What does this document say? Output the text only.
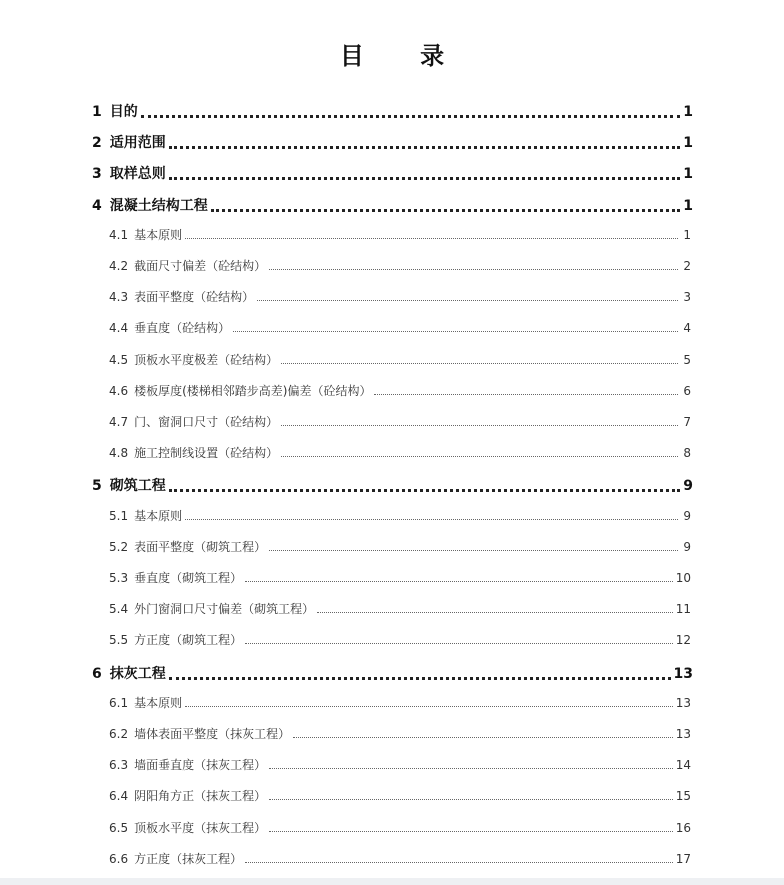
目 录
1 目的	1
2 适用范围	1
3 取样总则	1
4 混凝土结构工程	1
4.1 基本原则	1
4.2 截面尺寸偏差（砼结构）	2
4.3 表面平整度（砼结构）	3
4.4 垂直度（砼结构）	4
4.5 顶板水平度极差（砼结构）	5
4.6 楼板厚度(楼梯相邻踏步高差)偏差（砼结构）	6
4.7 门、窗洞口尺寸（砼结构）	7
4.8 施工控制线设置（砼结构）	8
5 砌筑工程	9
5.1 基本原则	9
5.2 表面平整度（砌筑工程）	9
5.3 垂直度（砌筑工程）	10
5.4 外门窗洞口尺寸偏差（砌筑工程）	11
5.5 方正度（砌筑工程）	12
6 抹灰工程	13
6.1 基本原则	13
6.2 墙体表面平整度（抹灰工程）	13
6.3 墙面垂直度（抹灰工程）	14
6.4 阴阳角方正（抹灰工程）	15
6.5 顶板水平度（抹灰工程）	16
6.6 方正度（抹灰工程）	17
